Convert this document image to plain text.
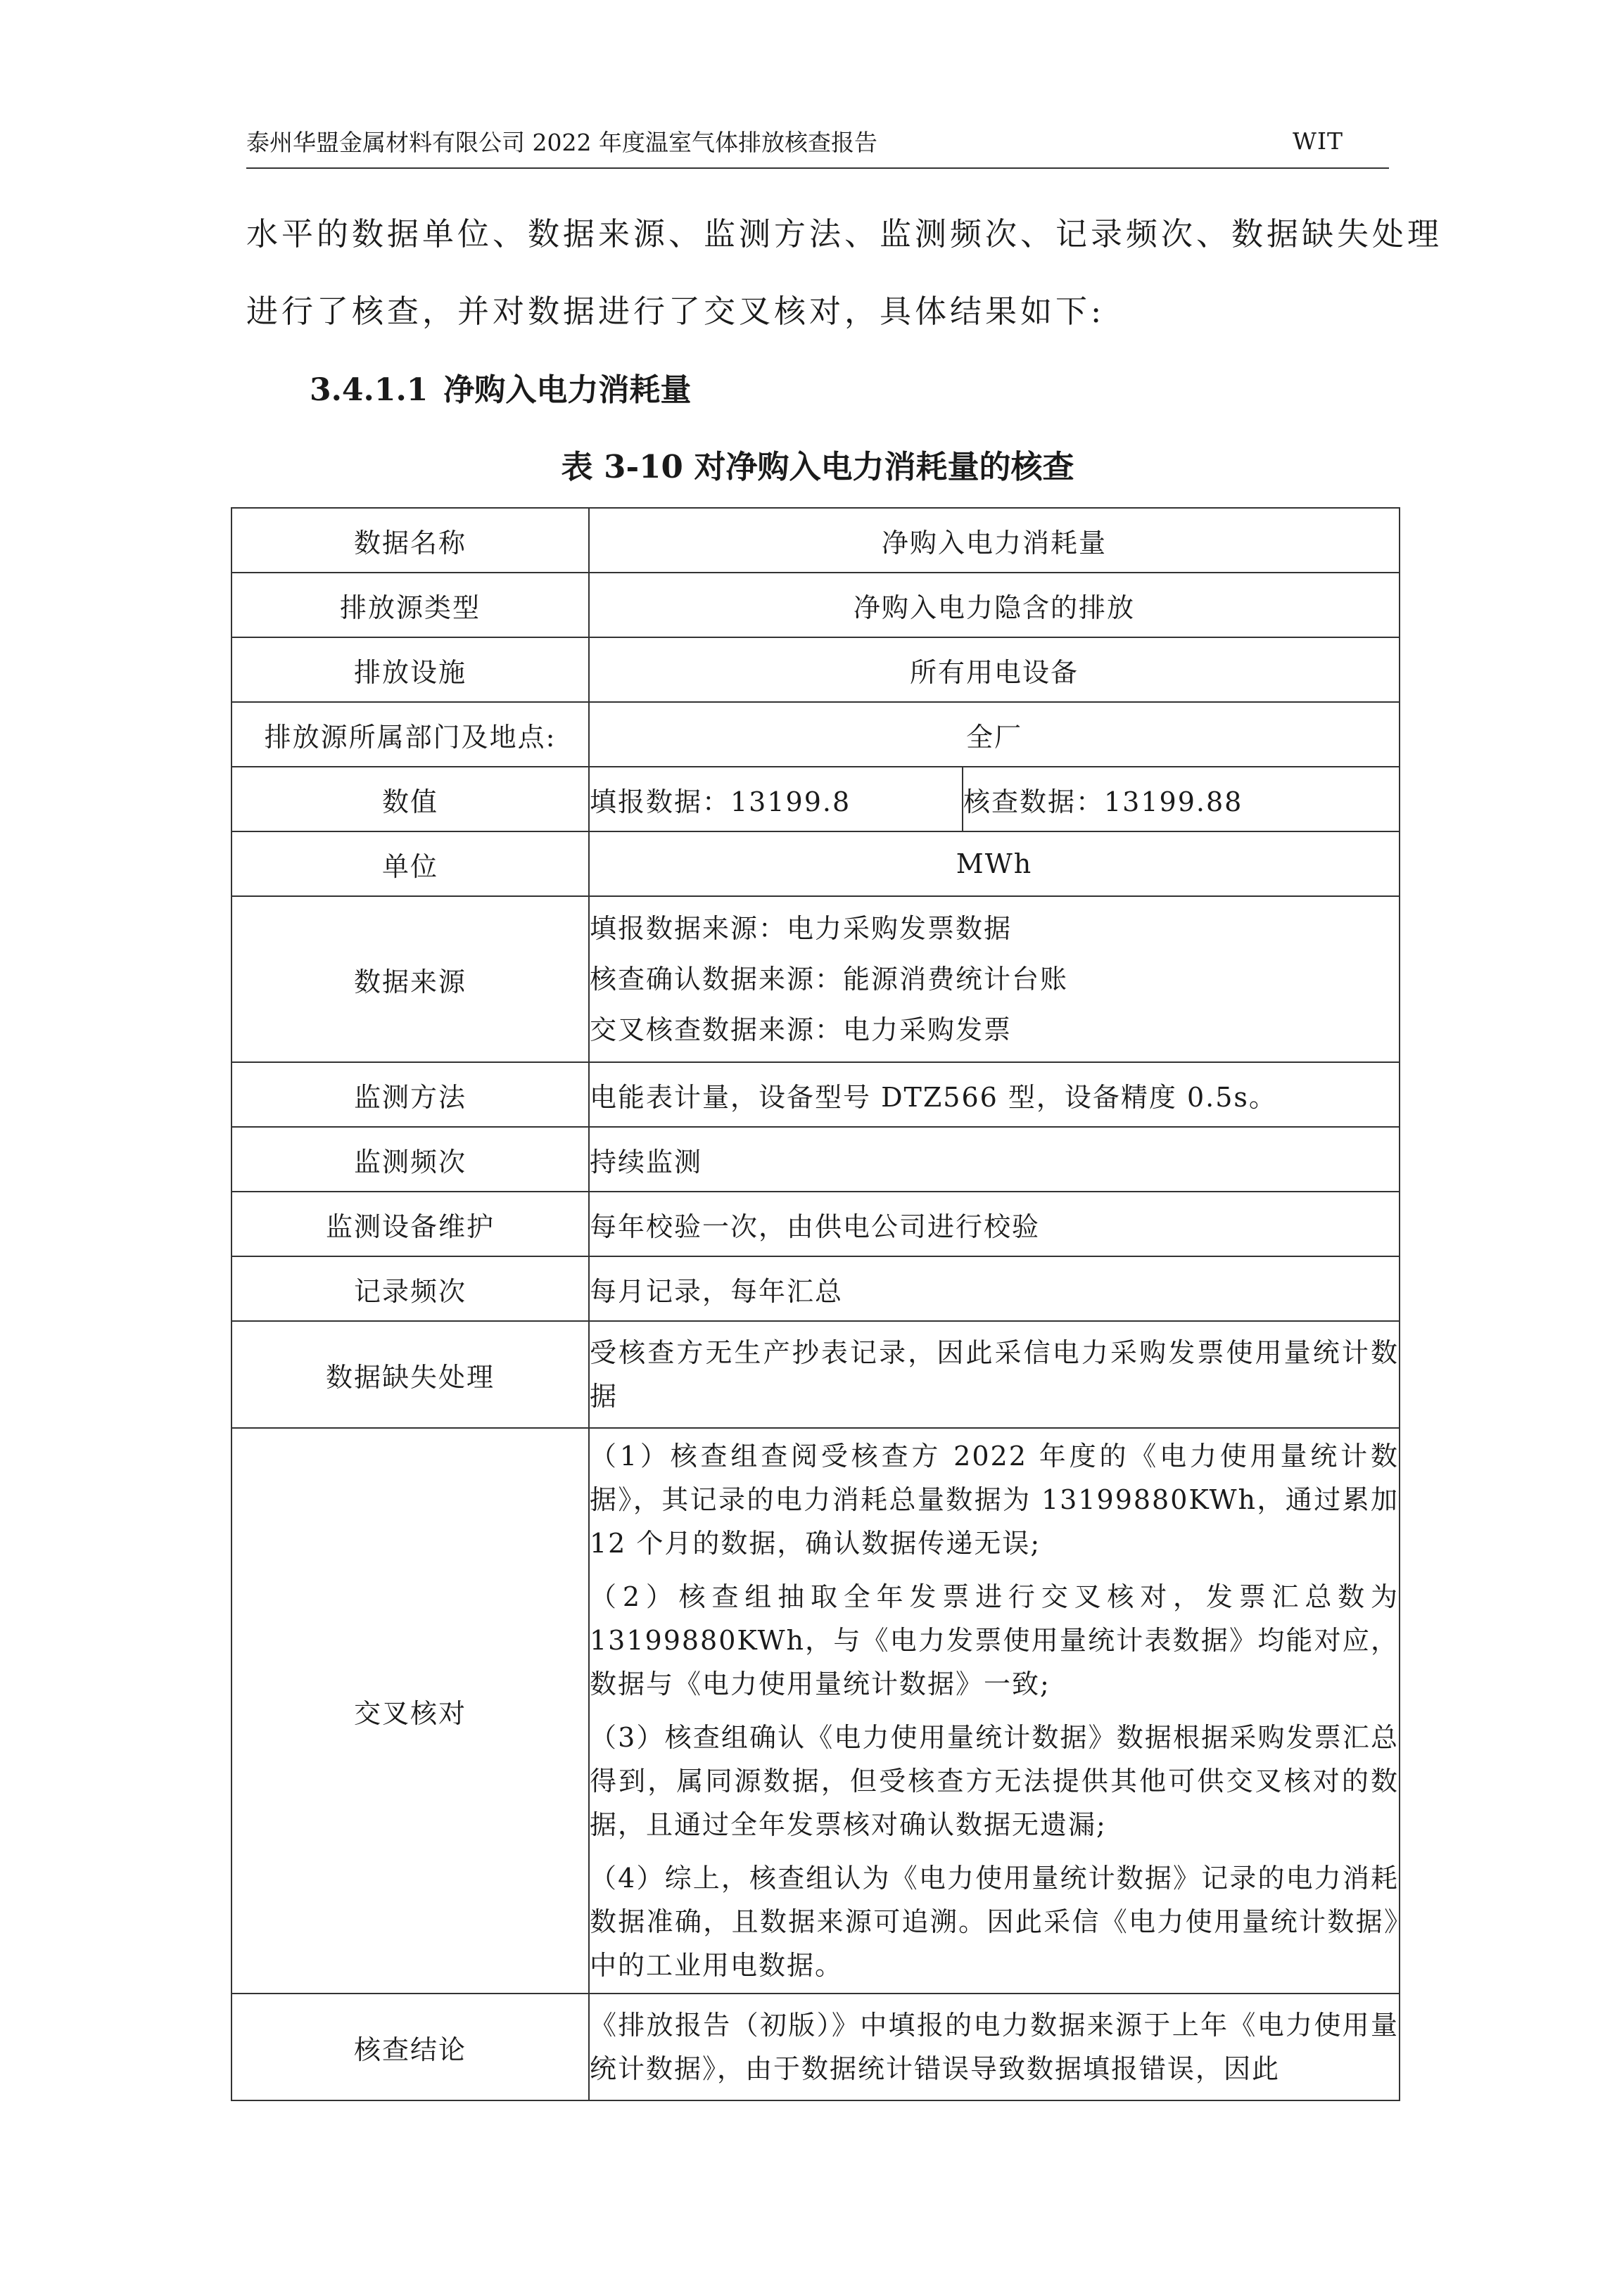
泰州华盟金属材料有限公司 2022 年度温室气体排放核查报告	WIT
水平的数据单位、数据来源、监测方法、监测频次、记录频次、数据缺失处理
进行了核查，并对数据进行了交叉核对，具体结果如下:
3.4.1.1 净购入电力消耗量
表 3-10 对净购入电力消耗量的核查
数据名称	净购入电力消耗量	
排放源类型	净购入电力隐含的排放	
排放设施	所有用电设备	
排放源所属部门及地点:	全厂	
数值	填报数据：13199.8	核查数据：13199.88
单位	MWh	
数据来源	填报数据来源：电力采购发票数据
核查确认数据来源：能源消费统计台账
交叉核查数据来源：电力采购发票	

监测方法	电能表计量，设备型号 DTZ566 型，设备精度 0.5s。	
监测频次	持续监测	
监测设备维护	每年校验一次，由供电公司进行校验	
记录频次	每月记录，每年汇总	
数据缺失处理	受核查方无生产抄表记录，因此采信电力采购发票使用量统计数据	

交叉核对	（1）核查组查阅受核查方 2022 年度的《电力使用量统计数据》，其记录的电力消耗总量数据为 13199880KWh，通过累加 12 个月的数据，确认数据传递无误;
（2）核查组抽取全年发票进行交叉核对，发票汇总数为 13199880KWh，与《电力发票使用量统计表数据》均能对应，数据与《电力使用量统计数据》一致;
（3）核查组确认《电力使用量统计数据》数据根据采购发票汇总得到，属同源数据，但受核查方无法提供其他可供交叉核对的数据，且通过全年发票核对确认数据无遗漏;
（4）综上，核查组认为《电力使用量统计数据》记录的电力消耗数据准确，且数据来源可追溯。因此采信《电力使用量统计数据》中的工业用电数据。	

核查结论	《排放报告（初版）》中填报的电力数据来源于上年《电力使用量统计数据》，由于数据统计错误导致数据填报错误，因此	
